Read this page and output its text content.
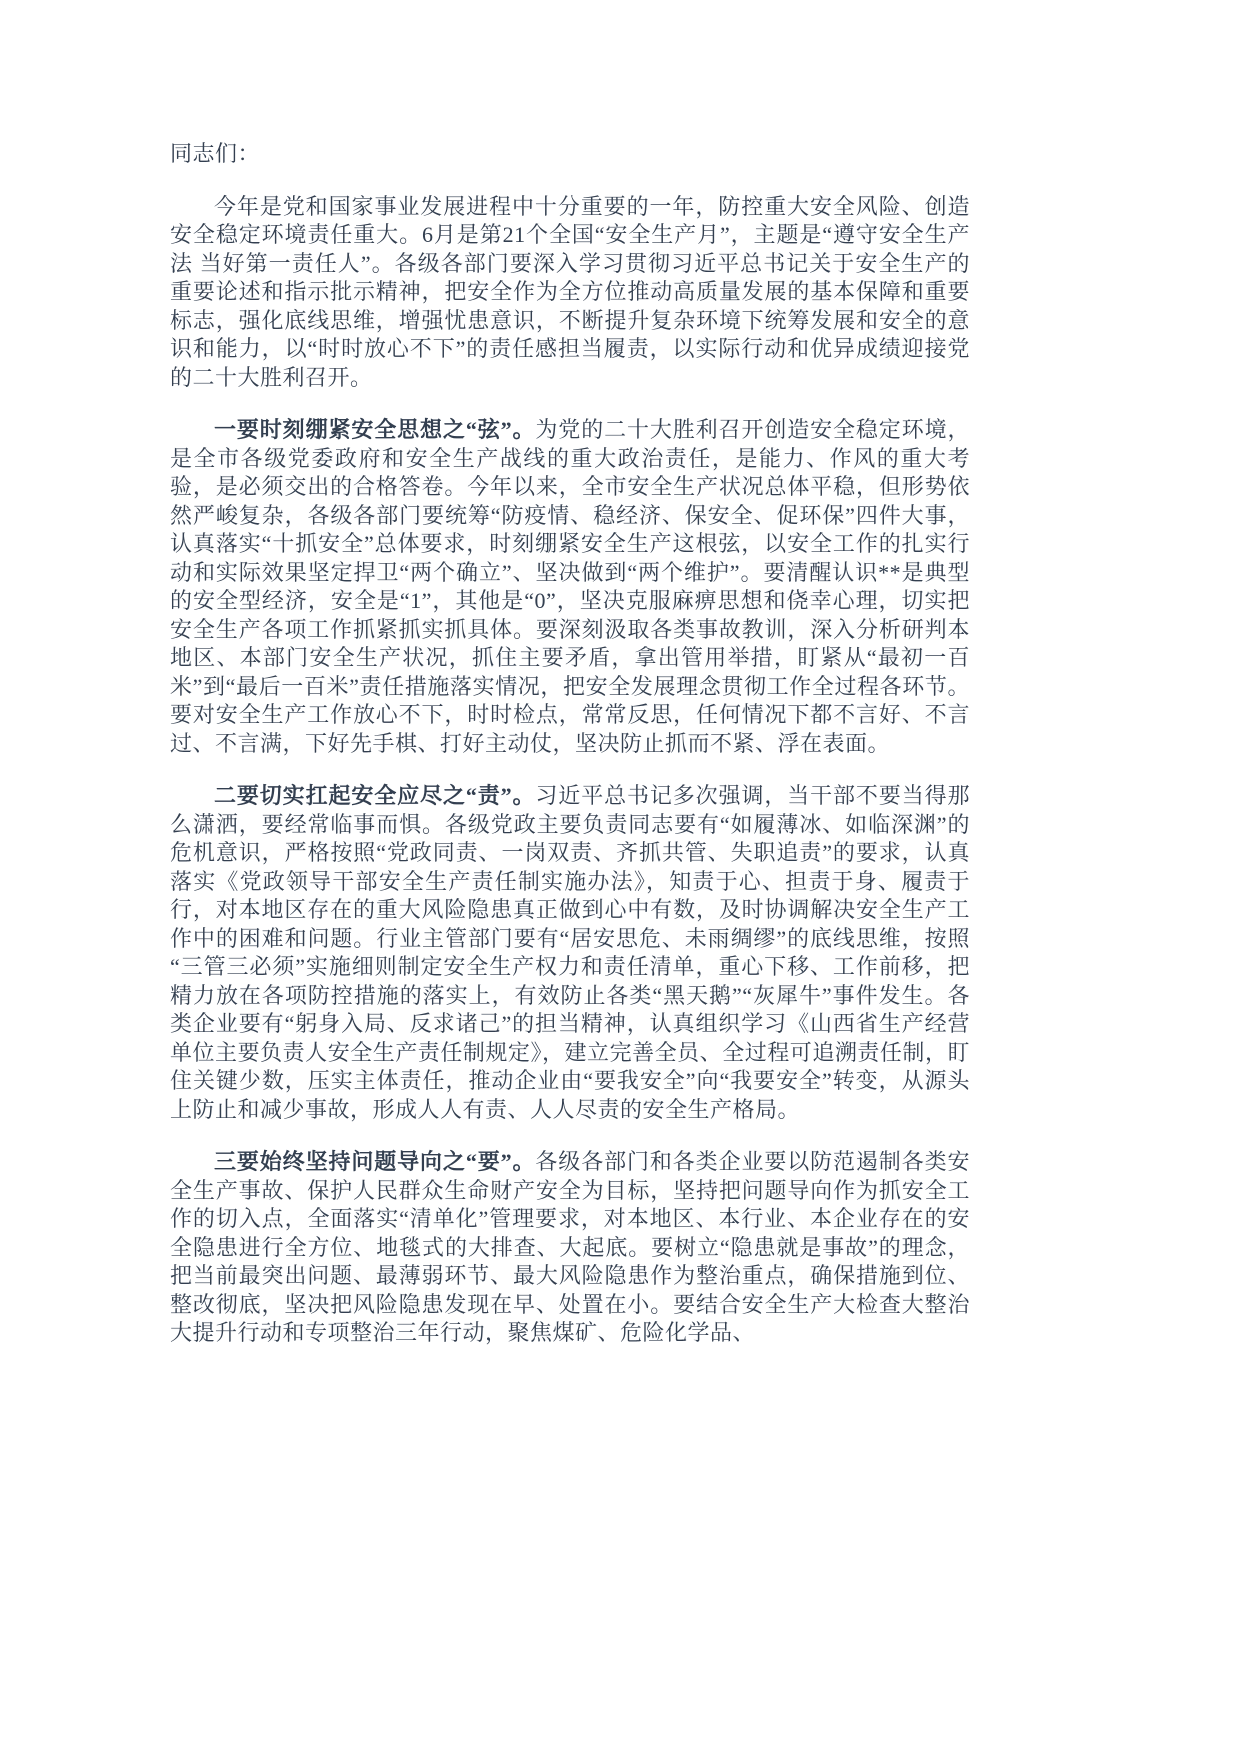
同志们：

今年是党和国家事业发展进程中十分重要的一年，防控重大安全风险、创造安全稳定环境责任重大。6月是第21个全国“安全生产月”，主题是“遵守安全生产法 当好第一责任人”。各级各部门要深入学习贯彻习近平总书记关于安全生产的重要论述和指示批示精神，把安全作为全方位推动高质量发展的基本保障和重要标志，强化底线思维，增强忧患意识，不断提升复杂环境下统筹发展和安全的意识和能力，以“时时放心不下”的责任感担当履责，以实际行动和优异成绩迎接党的二十大胜利召开。

一要时刻绷紧安全思想之“弦”。为党的二十大胜利召开创造安全稳定环境，是全市各级党委政府和安全生产战线的重大政治责任，是能力、作风的重大考验，是必须交出的合格答卷。今年以来，全市安全生产状况总体平稳，但形势依然严峻复杂，各级各部门要统筹“防疫情、稳经济、保安全、促环保”四件大事，认真落实“十抓安全”总体要求，时刻绷紧安全生产这根弦，以安全工作的扎实行动和实际效果坚定捍卫“两个确立”、坚决做到“两个维护”。要清醒认识**是典型的安全型经济，安全是“1”，其他是“0”，坚决克服麻痹思想和侥幸心理，切实把安全生产各项工作抓紧抓实抓具体。要深刻汲取各类事故教训，深入分析研判本地区、本部门安全生产状况，抓住主要矛盾，拿出管用举措，盯紧从“最初一百米”到“最后一百米”责任措施落实情况，把安全发展理念贯彻工作全过程各环节。要对安全生产工作放心不下，时时检点，常常反思，任何情况下都不言好、不言过、不言满，下好先手棋、打好主动仗，坚决防止抓而不紧、浮在表面。

二要切实扛起安全应尽之“责”。习近平总书记多次强调，当干部不要当得那么潇洒，要经常临事而惧。各级党政主要负责同志要有“如履薄冰、如临深渊”的危机意识，严格按照“党政同责、一岗双责、齐抓共管、失职追责”的要求，认真落实《党政领导干部安全生产责任制实施办法》，知责于心、担责于身、履责于行，对本地区存在的重大风险隐患真正做到心中有数，及时协调解决安全生产工作中的困难和问题。行业主管部门要有“居安思危、未雨绸缪”的底线思维，按照“三管三必须”实施细则制定安全生产权力和责任清单，重心下移、工作前移，把精力放在各项防控措施的落实上，有效防止各类“黑天鹅”“灰犀牛”事件发生。各类企业要有“躬身入局、反求诸己”的担当精神，认真组织学习《山西省生产经营单位主要负责人安全生产责任制规定》，建立完善全员、全过程可追溯责任制，盯住关键少数，压实主体责任，推动企业由“要我安全”向“我要安全”转变，从源头上防止和减少事故，形成人人有责、人人尽责的安全生产格局。

三要始终坚持问题导向之“要”。各级各部门和各类企业要以防范遏制各类安全生产事故、保护人民群众生命财产安全为目标，坚持把问题导向作为抓安全工作的切入点，全面落实“清单化”管理要求，对本地区、本行业、本企业存在的安全隐患进行全方位、地毯式的大排查、大起底。要树立“隐患就是事故”的理念，把当前最突出问题、最薄弱环节、最大风险隐患作为整治重点，确保措施到位、整改彻底，坚决把风险隐患发现在早、处置在小。要结合安全生产大检查大整治大提升行动和专项整治三年行动，聚焦煤矿、危险化学品、
